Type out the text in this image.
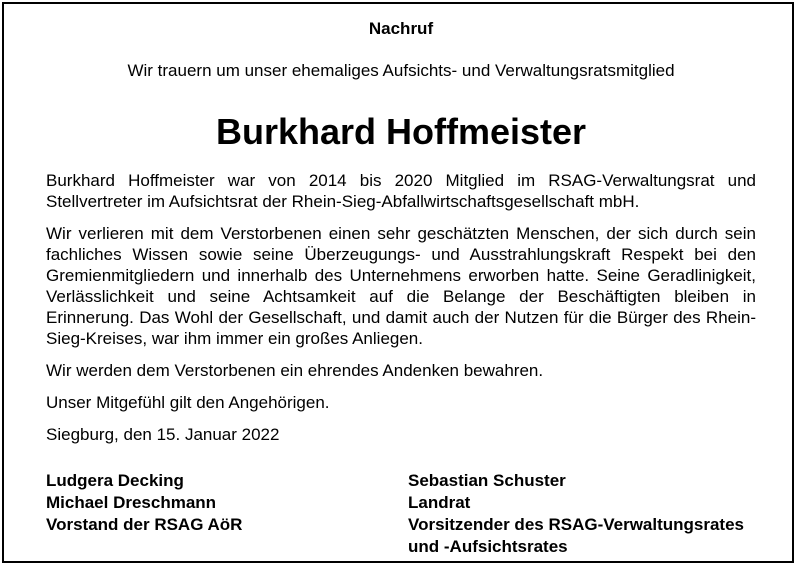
Nachruf
Wir trauern um unser ehemaliges Aufsichts- und Verwaltungsratsmitglied
Burkhard Hoffmeister

Burkhard Hoffmeister war von 2014 bis 2020 Mitglied im RSAG-Verwaltungsrat und Stellvertreter im Aufsichtsrat der Rhein-Sieg-Abfallwirtschaftsgesellschaft mbH.

Wir verlieren mit dem Verstorbenen einen sehr geschätzten Menschen, der sich durch sein fachliches Wissen sowie seine Überzeugungs- und Ausstrahlungskraft Respekt bei den Gremienmitgliedern und innerhalb des Unternehmens erworben hatte. Seine Geradlinigkeit, Verlässlichkeit und seine Achtsamkeit auf die Belange der Beschäftigten bleiben in Erinnerung. Das Wohl der Gesellschaft, und damit auch der Nutzen für die Bürger des Rhein-Sieg-Kreises, war ihm immer ein großes Anliegen.

Wir werden dem Verstorbenen ein ehrendes Andenken bewahren.

Unser Mitgefühl gilt den Angehörigen.

Siegburg, den 15. Januar 2022

Ludgera Decking
Michael Dreschmann
Vorstand der RSAG AöR
Sebastian Schuster
Landrat
Vorsitzender des RSAG-Verwaltungsrates
und -Aufsichtsrates
